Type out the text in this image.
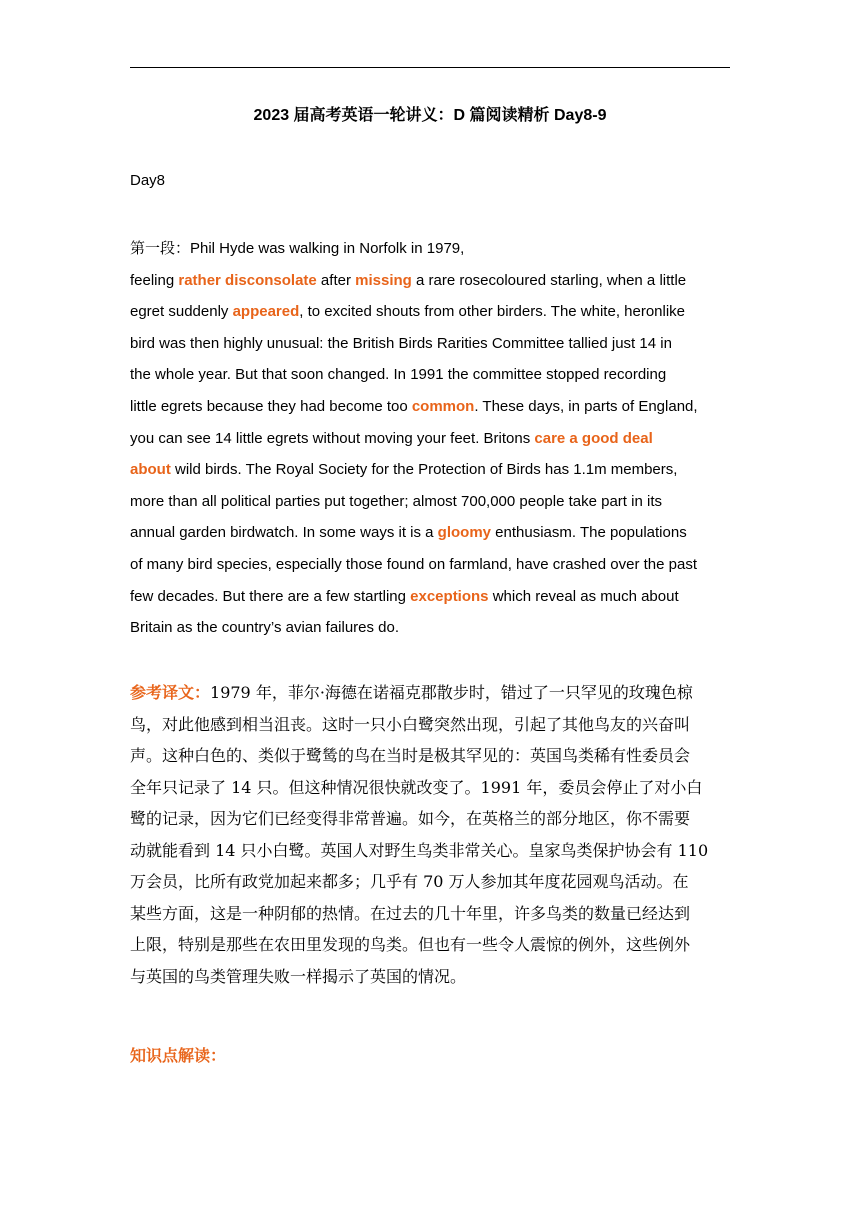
2023 届高考英语一轮讲义：D 篇阅读精析 Day8-9
Day8
第一段：Phil Hyde was walking in Norfolk in 1979,
feeling rather disconsolate after missing a rare rosecoloured starling, when a little
egret suddenly appeared, to excited shouts from other birders. The white, heronlike
bird was then highly unusual: the British Birds Rarities Committee tallied just 14 in
the whole year. But that soon changed. In 1991 the committee stopped recording
little egrets because they had become too common. These days, in parts of England,
you can see 14 little egrets without moving your feet. Britons care a good deal
about wild birds. The Royal Society for the Protection of Birds has 1.1m members,
more than all political parties put together; almost 700,000 people take part in its
annual garden birdwatch. In some ways it is a gloomy enthusiasm. The populations
of many bird species, especially those found on farmland, have crashed over the past
few decades. But there are a few startling exceptions which reveal as much about
Britain as the country’s avian failures do.
参考译文：1979 年，菲尔·海德在诺福克郡散步时，错过了一只罕见的玫瑰色椋
鸟，对此他感到相当沮丧。这时一只小白鹭突然出现，引起了其他鸟友的兴奋叫
声。这种白色的、类似于鹭鸶的鸟在当时是极其罕见的：英国鸟类稀有性委员会
全年只记录了 14 只。但这种情况很快就改变了。1991 年，委员会停止了对小白
鹭的记录，因为它们已经变得非常普遍。如今，在英格兰的部分地区，你不需要
动就能看到 14 只小白鹭。英国人对野生鸟类非常关心。皇家鸟类保护协会有 110
万会员，比所有政党加起来都多；几乎有 70 万人参加其年度花园观鸟活动。在
某些方面，这是一种阴郁的热情。在过去的几十年里，许多鸟类的数量已经达到
上限，特别是那些在农田里发现的鸟类。但也有一些令人震惊的例外，这些例外
与英国的鸟类管理失败一样揭示了英国的情况。
知识点解读：
